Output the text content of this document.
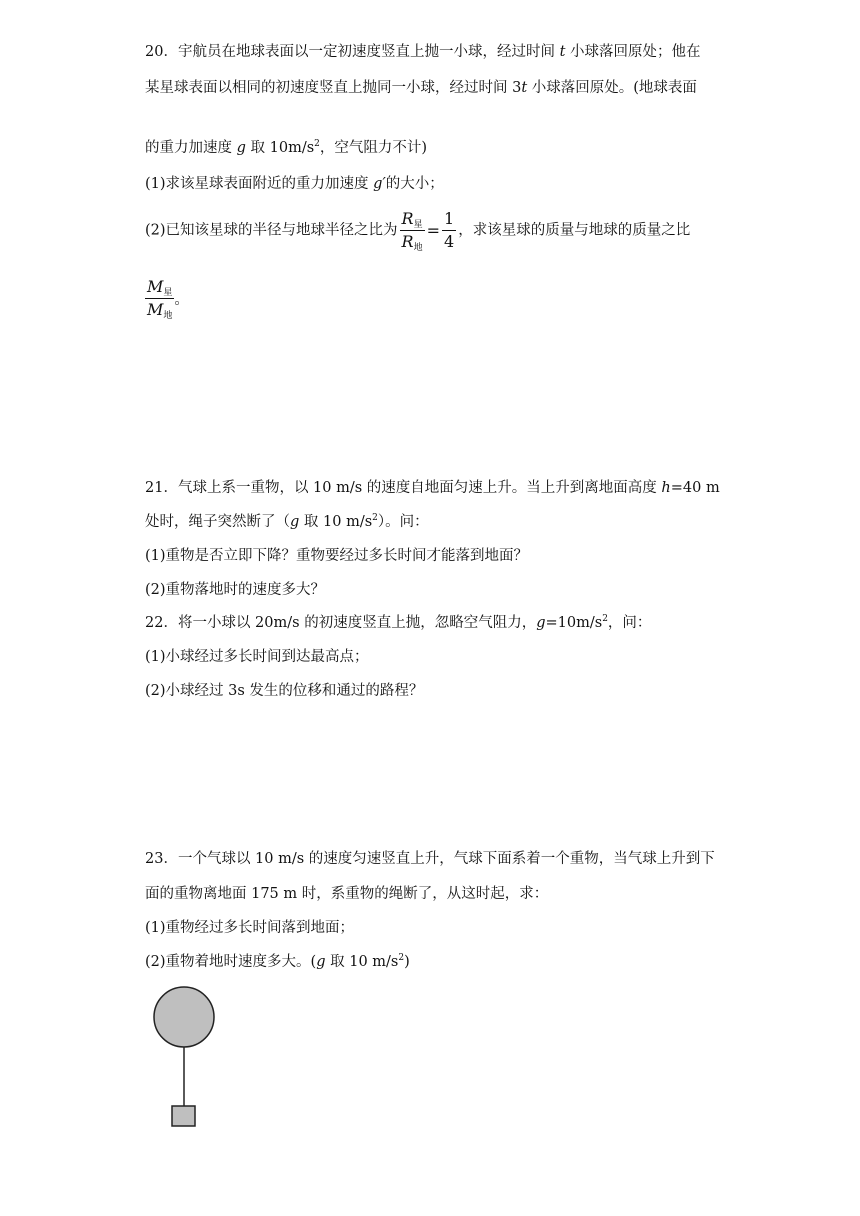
20．宇航员在地球表面以一定初速度竖直上抛一小球，经过时间 t 小球落回原处；他在
某星球表面以相同的初速度竖直上抛同一小球，经过时间 3t 小球落回原处。(地球表面
的重力加速度 g 取 $10m/s^2$，空气阻力不计)
(1)求该星球表面附近的重力加速度 g′的大小；
(2)已知该星球的半径与地球半径之比为 $\frac{R_星}{R_地} = \frac{1}{4}$ ，求该星球的质量与地球的质量之比
$\frac{M_星}{M_地}$ 。
21．气球上系一重物，以 10 m/s 的速度自地面匀速上升。当上升到离地面高度 h=40 m
处时，绳子突然断了（g 取 10 $m/s^2$）。问：
(1)重物是否立即下降？重物要经过多长时间才能落到地面？
(2)重物落地时的速度多大？
22．将一小球以 20m/s 的初速度竖直上抛，忽略空气阻力，$g=10m/s^2$，问：
(1)小球经过多长时间到达最高点；
(2)小球经过 3s 发生的位移和通过的路程？
23．一个气球以 10 m/s 的速度匀速竖直上升，气球下面系着一个重物，当气球上升到下
面的重物离地面 175 m 时，系重物的绳断了，从这时起，求：
(1)重物经过多长时间落到地面；
(2)重物着地时速度多大。(g 取 10 $m/s^2$)
